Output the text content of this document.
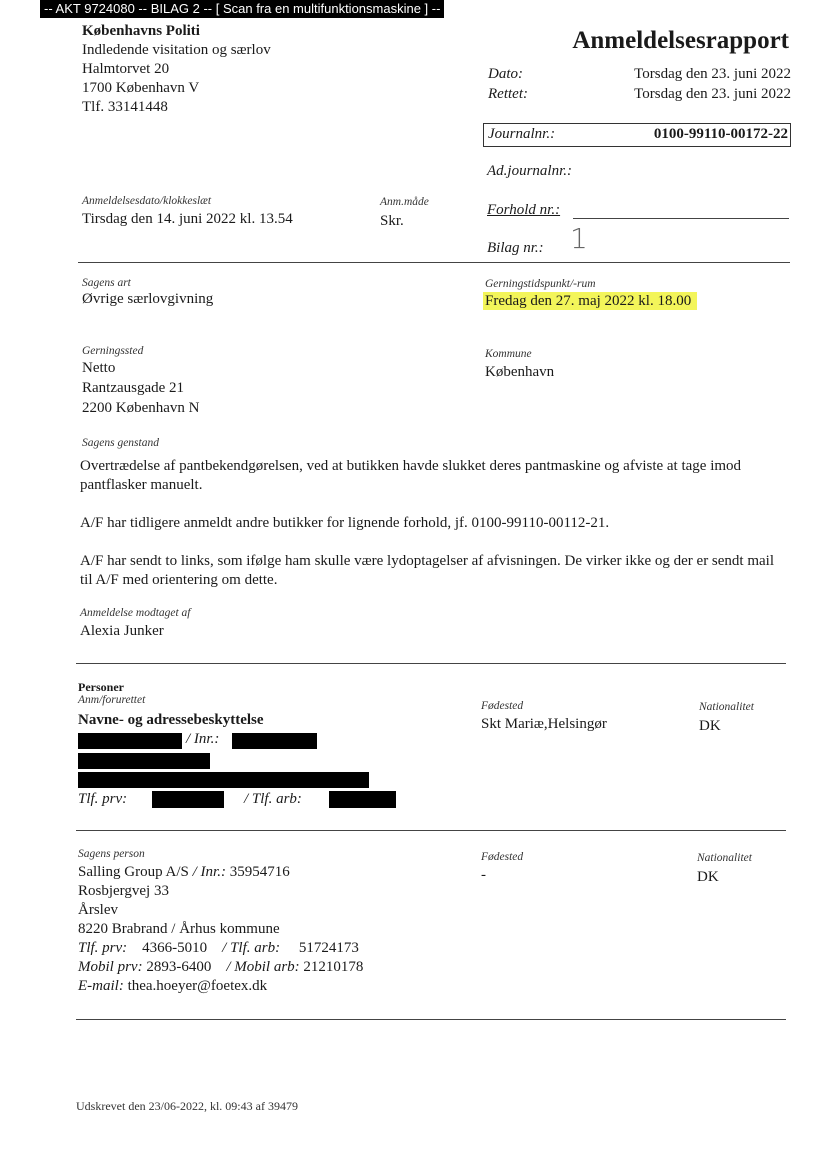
-- AKT 9724080 -- BILAG 2 -- [ Scan fra en multifunktionsmaskine ] --
Københavns Politi
Indledende visitation og særlov
Halmtorvet 20
1700 København V
Tlf. 33141448
Anmeldelsesrapport
Dato:	Torsdag den 23. juni 2022
Rettet:	Torsdag den 23. juni 2022
Journalnr.:	0100-99110-00172-22
Ad.journalnr.:
Forhold nr.:
Bilag nr.: 1
Anmeldelsesdato/klokkeslæt
Tirsdag den 14. juni 2022 kl. 13.54
Anm.måde
Skr.
Sagens art
Øvrige særlovgivning
Gerningstidspunkt/-rum
Fredag den 27. maj 2022 kl. 18.00
Gerningssted
Netto
Rantzausgade 21
2200 København N
Kommune
København
Sagens genstand
Overtrædelse af pantbekendgørelsen, ved at butikken havde slukket deres pantmaskine og afviste at tage imod pantflasker manuelt.
A/F har tidligere anmeldt andre butikker for lignende forhold, jf. 0100-99110-00112-21.
A/F har sendt to links, som ifølge ham skulle være lydoptagelser af afvisningen. De virker ikke og der er sendt mail til A/F med orientering om dette.
Anmeldelse modtaget af
Alexia Junker
Personer
Anm/forurettet
Navne- og adressebeskyttelse
/ Inr.:
Tlf. prv:	/ Tlf. arb:
Fødested
Skt Mariæ,Helsingør
Nationalitet
DK
Sagens person
Salling Group A/S / Inr.: 35954716
Rosbjergvej 33
Årslev
8220 Brabrand / Århus kommune
Tlf. prv: 4366-5010 / Tlf. arb: 51724173
Mobil prv: 2893-6400 / Mobil arb: 21210178
E-mail: thea.hoeyer@foetex.dk
Fødested
-
Nationalitet
DK
Udskrevet den 23/06-2022, kl. 09:43 af 39479
